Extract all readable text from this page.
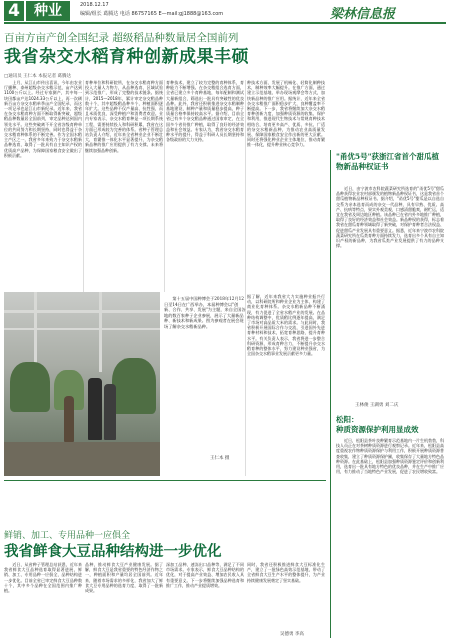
4	种业	2018.12.17
编辑/组长 葛腾达 电话 86757165 E—mail:gj1888@163.com	梁林信息报
百亩方亩产创全国纪录 超级稻品种数量居全国前列
我省杂交水稻育种创新成果丰硕
□通讯员 王仁本 本报记者 葛腾达
　　上月，从江山市传出喜讯，今年由农业厅播种、泰州超级杂交水稻示范，亩产达到1100公斤以上。经过专家测产，其中每一块田都亩产达1024.33公斤以上，再一次刷新百亩方杂交水稻单季亩产全国纪录，而这一项记录也是江山市新纪录。近年来，我省在杂交水稻育种方面不断取得新突破，超级稻品种数量居全国前列，审定品种达到国内领先水平。这些突破离不开全省各级育种单位的共同努力和长期坚持，同时也得益于杂交水稻育种体系的不断完善。作为全国水稻主产区之一，我省多年来致力于杂交水稻新品种选育，取得了一批具有自主知识产权的优质高产品种，为保障国家粮食安全做出了积极贡献。
育种单位和科研院所，在杂交水稻育种方面投入大量人力物力，从品种选育、区域试验到示范推广，形成了完整的技术链条。据统计，2015—2018年，累计审定杂交稻品种数十个，其中超级稻品种多个，种植面积逐年扩大。这些品种不仅产量高、抗性强，而且米质优良，深受种植户和消费者欢迎。业内专家表示，杂交水稻育种是一项长期系统工程，需要持续投入和科研积累，我省在这方面已形成较为完善的体系。省种子管理总站负责人介绍，近年来全省种业企业不断壮大，育繁推一体化水平显著提升，为杂交稻新品种的推广应用提供了有力支撑。未来将继续加强品种创新。
育种技术，建立了较为完整的育种体系，育种能力不断增强。在杂交稻组合选育方面，全省已建立多个育种基地，每年配制和测试大量新组合，筛选出一批具有突破性的优良品种。此外，我省还积极推进杂交水稻制种基地建设，制种产量和质量稳步提高，种子质量合格率保持较高水平。据介绍，目前全省已有多个杂交稻品种通过国家审定，在全国多个省份推广种植，取得了良好的经济效益和社会效益。专家认为，我省杂交水稻育种水平的提升，得益于科研人员长期坚持和各级政府的大力支持。
种技术方面，发展了机械化、轻简化制种技术，制种效率大幅提升。在推广方面，通过建立示范基地、举办现场观摩会等方式，加快新品种的推广应用。据统计，近年来全省杂交水稻推广面积稳步扩大，良种覆盖率不断提高。下一步，我省将继续加大杂交水稻育种创新力度，加强种质资源的收集、保护和利用，推进现代生物技术与常规育种技术相结合，培育更多高产、优质、多抗、广适的杂交水稻新品种，为推动农业高质量发展、保障国家粮食安全作出新的更大贡献。同时还将强化种业企业主体地位，推动育繁推一体化，提升种业核心竞争力。
　　第十五届中国种博会于2018年12月12日至14日在广西举办，本届种博会以"创新、合作、共享、发展"为主题，来自全国各地的数百家种子企业参展，展示了大量新品种、新技术和新成果。图为参观者在展会现场了解杂交水稻新品种。
王仁本 摄
据了解，近年来我省大力实施种业振兴行动，以科研院所和种业企业为主体，构建了商业化育种体系。杂交水稻新品种不断涌现，有力促进了全省水稻产业的发展。在品种结构调整中，优质稻比例逐年提高，满足了市场对高品质大米的需求。与此同时，我省积极开展国际合作与交流，引进国外先进育种材料和技术，拓宽育种思路，提升育种水平。有关负责人表示，我省将进一步整合科研资源，形成育种合力，不断提升杂交水稻育种的整体水平，努力建设种业强省，为全国杂交水稻事业发展贡献更多力量。
鲜销、加工、专用品种一应俱全
我省鲜食大豆品种结构进一步优化
　　近日，从省种子管理总站获悉，近年来我省鲜食大豆品种选育取得显著进展，鲜销、加工、专用品种一应俱全，品种结构进一步优化。目前全省已审定鲜食大豆品种数十个，其中多个品种在全国范围内推广种植。
品种，推动鲜食大豆产业健康发展。据了解，鲜食大豆是我省重要的特色经济作物之一，种植面积和产量均居全国前列。近年来，随着市场需求的多样化，我省加大了鲜食大豆专用品种的选育力度，取得了一批新成果。
深加工品种、速冻出口品种等，满足了不同市场需求。专家表示，鲜食大豆品种结构的优化，对于提高产业效益、增加农民收入具有重要意义。下一步将继续加强品种选育和推广工作，推动产业提质增效。
同时，我省还积极推进鲜食大豆标准化生产，建立了一批绿色高效示范基地，带动了全省鲜食大豆生产水平的整体提升，为产业持续健康发展奠定了坚实基础。
吴德勇 李高
"甬优5号"获浙江省首个甜瓜植物新品种权证书
　　近日，由宁波市农科院蔬菜研究所选育的"甬优5号"甜瓜品种获得农业农村部颁发的植物新品种权证书，这是我省首个甜瓜植物新品种权证书。据介绍，"甬优5号"甜瓜是以自选自交系为亲本选育而成的杂交一代品种，具有早熟、优质、高产、抗病等特点，果实外观美观，口感清甜脆爽，耐贮运，适宜在我省及周边地区种植。该品种已在省内外多地推广种植，取得了良好的经济效益和社会效益。新品种权的获得，标志着我省在甜瓜育种领域取得了新突破，对保护育种者合法权益、促进甜瓜产业发展具有重要意义。据悉，近年来宁波市农科院蔬菜研究所在瓜类育种方面持续发力，选育出多个具有自主知识产权的新品种，为我省瓜类产业发展提供了有力的品种支撑。
王林俊 王湖勇 刘二庆
松阳：
种质资源保护利用显成效
　　近日，松阳县茶叶良种繁育示范基地内一片生机勃勃，科技人员正在对茶树种质资源进行观察记录。近年来，松阳县高度重视农作物种质资源保护与利用工作，积极开展种质资源普查收集，建立了种质资源保护圃，收集保存了大量地方特色品种资源。在此基础上，松阳县加强种质资源鉴定评价和创新利用，选育出一批具有地方特色的优良品种，并在生产中推广应用，有力推动了当地特色产业发展，促进了农民增收致富。
